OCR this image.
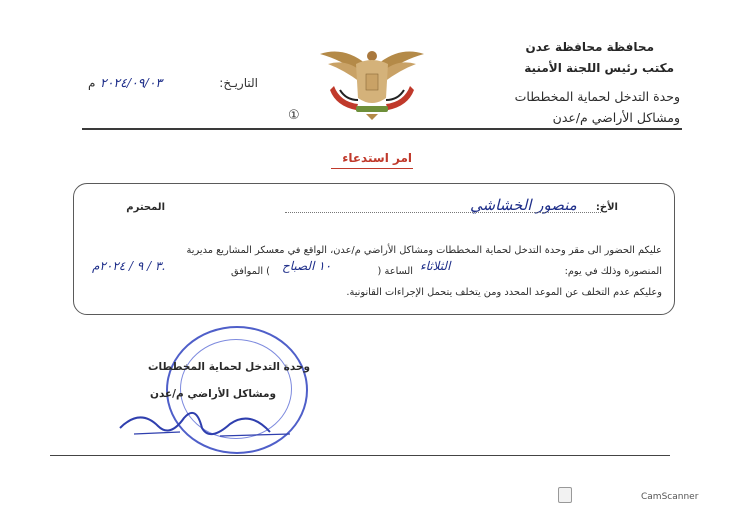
محافظة محافظة عدن
مكتب رئيس اللجنة الأمنية
وحدة التدخل لحماية المخططات
ومشاكل الأراضي م/عدن
①
التاريـخ:
٢٠٢٤/٠٩/٠٣
م
امر استدعاء
الأخ:
منصور الخشاشي
المحترم
عليكم الحضور الى مقر وحدة التدخل لحماية المخططات ومشاكل الأراضي م/عدن، الواقع في معسكر المشاريع مديرية
المنصورة وذلك في يوم:
الثلاثاء
الساعة (
١٠ الصباح
) الموافق
٣ / ٩ / ٢٠٢٤م.
وعليكم عدم التخلف عن الموعد المحدد ومن يتخلف يتحمل الإجراءات القانونية.
وحدة التدخل لحماية المخططات
ومشاكل الأراضي م/عدن
CamScanner
